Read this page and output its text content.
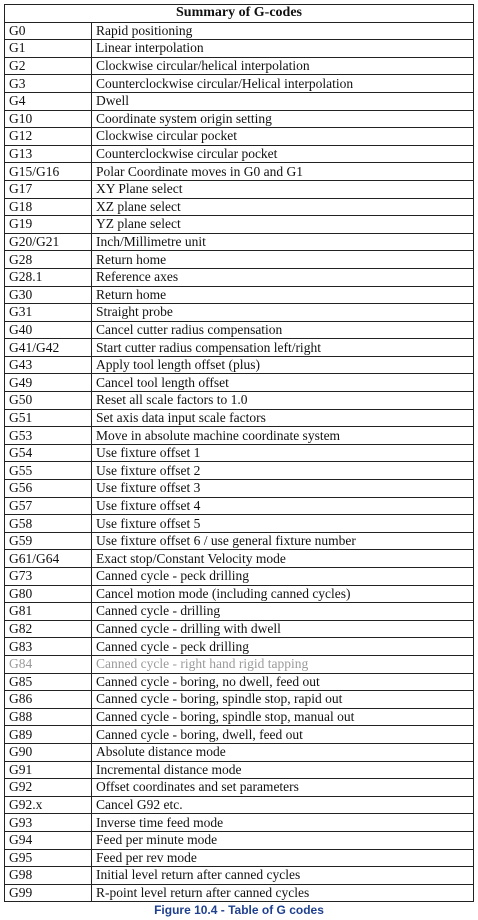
Summary of G-codes	
G0	Rapid positioning
G1	Linear interpolation
G2	Clockwise circular/helical interpolation
G3	Counterclockwise circular/Helical interpolation
G4	Dwell
G10	Coordinate system origin setting
G12	Clockwise circular pocket
G13	Counterclockwise circular pocket
G15/G16	Polar Coordinate moves in G0 and G1
G17	XY Plane select
G18	XZ plane select
G19	YZ plane select
G20/G21	Inch/Millimetre unit
G28	Return home
G28.1	Reference axes
G30	Return home
G31	Straight probe
G40	Cancel cutter radius compensation
G41/G42	Start cutter radius compensation left/right
G43	Apply tool length offset (plus)
G49	Cancel tool length offset
G50	Reset all scale factors to 1.0
G51	Set axis data input scale factors
G53	Move in absolute machine coordinate system
G54	Use fixture offset 1
G55	Use fixture offset 2
G56	Use fixture offset 3
G57	Use fixture offset 4
G58	Use fixture offset 5
G59	Use fixture offset 6 / use general fixture number
G61/G64	Exact stop/Constant Velocity mode
G73	Canned cycle - peck drilling
G80	Cancel motion mode (including canned cycles)
G81	Canned cycle - drilling
G82	Canned cycle - drilling with dwell
G83	Canned cycle - peck drilling
G84	Canned cycle - right hand rigid tapping
G85	Canned cycle - boring, no dwell, feed out
G86	Canned cycle - boring, spindle stop, rapid out
G88	Canned cycle - boring, spindle stop, manual out
G89	Canned cycle - boring, dwell, feed out
G90	Absolute distance mode
G91	Incremental distance mode
G92	Offset coordinates and set parameters
G92.x	Cancel G92 etc.
G93	Inverse time feed mode
G94	Feed per minute mode
G95	Feed per rev mode
G98	Initial level return after canned cycles
G99	R-point level return after canned cycles
Figure 10.4 - Table of G codes
